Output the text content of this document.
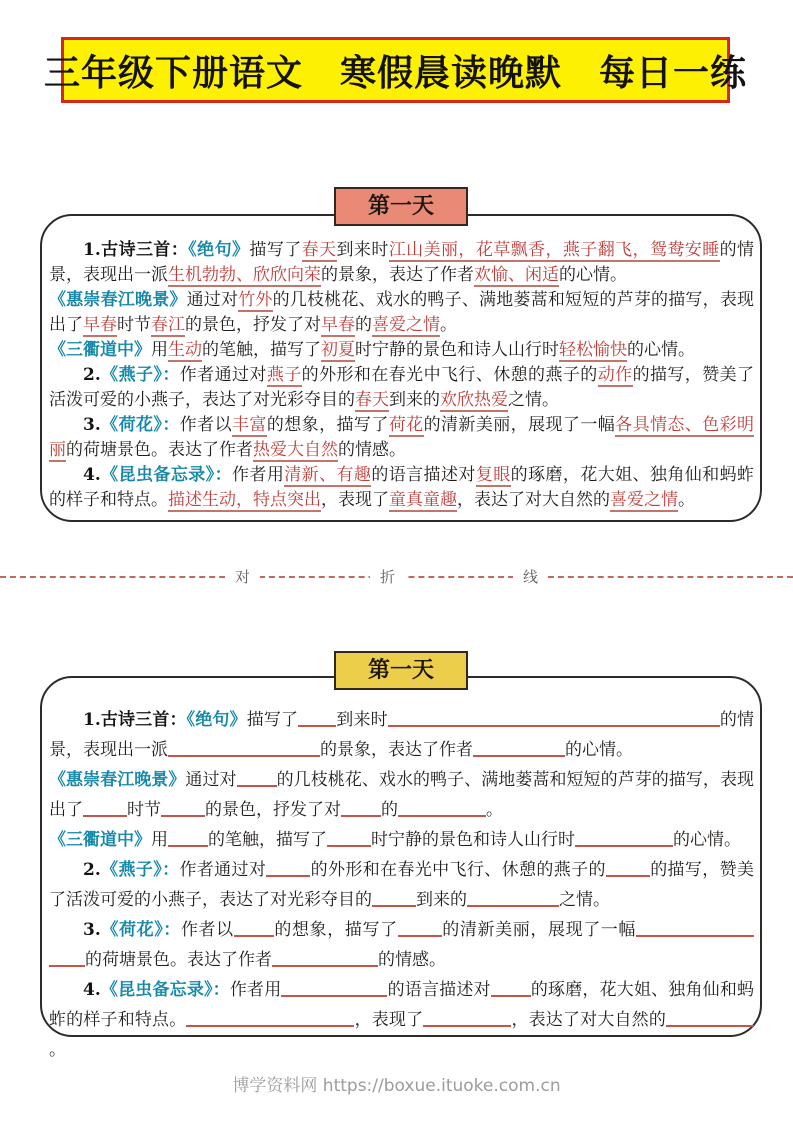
三年级下册语文　寒假晨读晚默　每日一练
第一天

1.古诗三首：《绝句》描写了春天到来时江山美丽，花草飘香，燕子翻飞，鸳鸯安睡的情景，表现出一派生机勃勃、欣欣向荣的景象，表达了作者欢愉、闲适的心情。

《惠崇春江晚景》通过对竹外的几枝桃花、戏水的鸭子、满地蒌蒿和短短的芦芽的描写，表现出了早春时节春江的景色，抒发了对早春的喜爱之情。

《三衢道中》用生动的笔触，描写了初夏时宁静的景色和诗人山行时轻松愉快的心情。

2.《燕子》：作者通过对燕子的外形和在春光中飞行、休憩的燕子的动作的描写，赞美了活泼可爱的小燕子，表达了对光彩夺目的春天到来的欢欣热爱之情。

3.《荷花》：作者以丰富的想象，描写了荷花的清新美丽，展现了一幅各具情态、色彩明丽的荷塘景色。表达了作者热爱大自然的情感。

4.《昆虫备忘录》：作者用清新、有趣的语言描述对复眼的琢磨，花大姐、独角仙和蚂蚱的样子和特点。描述生动，特点突出，表现了童真童趣，表达了对大自然的喜爱之情。

对	折	线
第一天

1.古诗三首：《绝句》描写了 到来时	的情景，表现出一派	的景象，表达了作者	的心情。

《惠崇春江晚景》通过对 的几枝桃花、戏水的鸭子、满地蒌蒿和短短的芦芽的描写，表现出了	时节	的景色，抒发了对 的	。

《三衢道中》用 的笔触，描写了	时宁静的景色和诗人山行时	的心情。

2.《燕子》：作者通过对	的外形和在春光中飞行、休憩的燕子的	的描写，赞美了活泼可爱的小燕子，表达了对光彩夺目的	到来的	之情。

3.《荷花》：作者以 的想象，描写了	的清新美丽，展现了一幅的荷塘景色。表达了作者	的情感。

4.《昆虫备忘录》：作者用	的语言描述对 的琢磨，花大姐、独角仙和蚂蚱的样子和特点。	，表现了	，表达了对大自然的。

博学资料网 https://boxue.ituoke.com.cn
